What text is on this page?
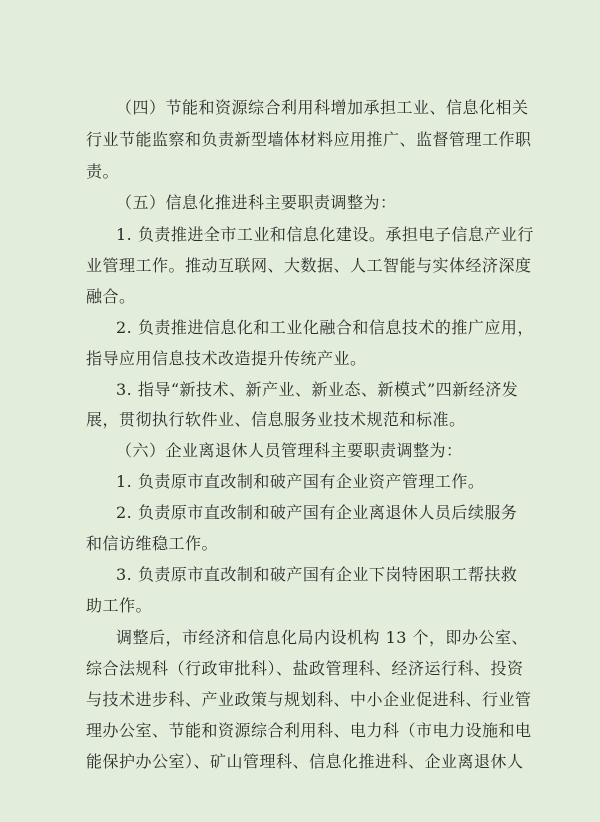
（四）节能和资源综合利用科增加承担工业、信息化相关
行业节能监察和负责新型墙体材料应用推广、监督管理工作职
责。
（五）信息化推进科主要职责调整为：
1. 负责推进全市工业和信息化建设。承担电子信息产业行
业管理工作。推动互联网、大数据、人工智能与实体经济深度
融合。
2. 负责推进信息化和工业化融合和信息技术的推广应用，
指导应用信息技术改造提升传统产业。
3. 指导“新技术、新产业、新业态、新模式”四新经济发
展，贯彻执行软件业、信息服务业技术规范和标准。
（六）企业离退休人员管理科主要职责调整为：
1. 负责原市直改制和破产国有企业资产管理工作。
2. 负责原市直改制和破产国有企业离退休人员后续服务
和信访维稳工作。
3. 负责原市直改制和破产国有企业下岗特困职工帮扶救
助工作。
调整后，市经济和信息化局内设机构 13 个，即办公室、
综合法规科（行政审批科）、盐政管理科、经济运行科、投资
与技术进步科、产业政策与规划科、中小企业促进科、行业管
理办公室、节能和资源综合利用科、电力科（市电力设施和电
能保护办公室）、矿山管理科、信息化推进科、企业离退休人
